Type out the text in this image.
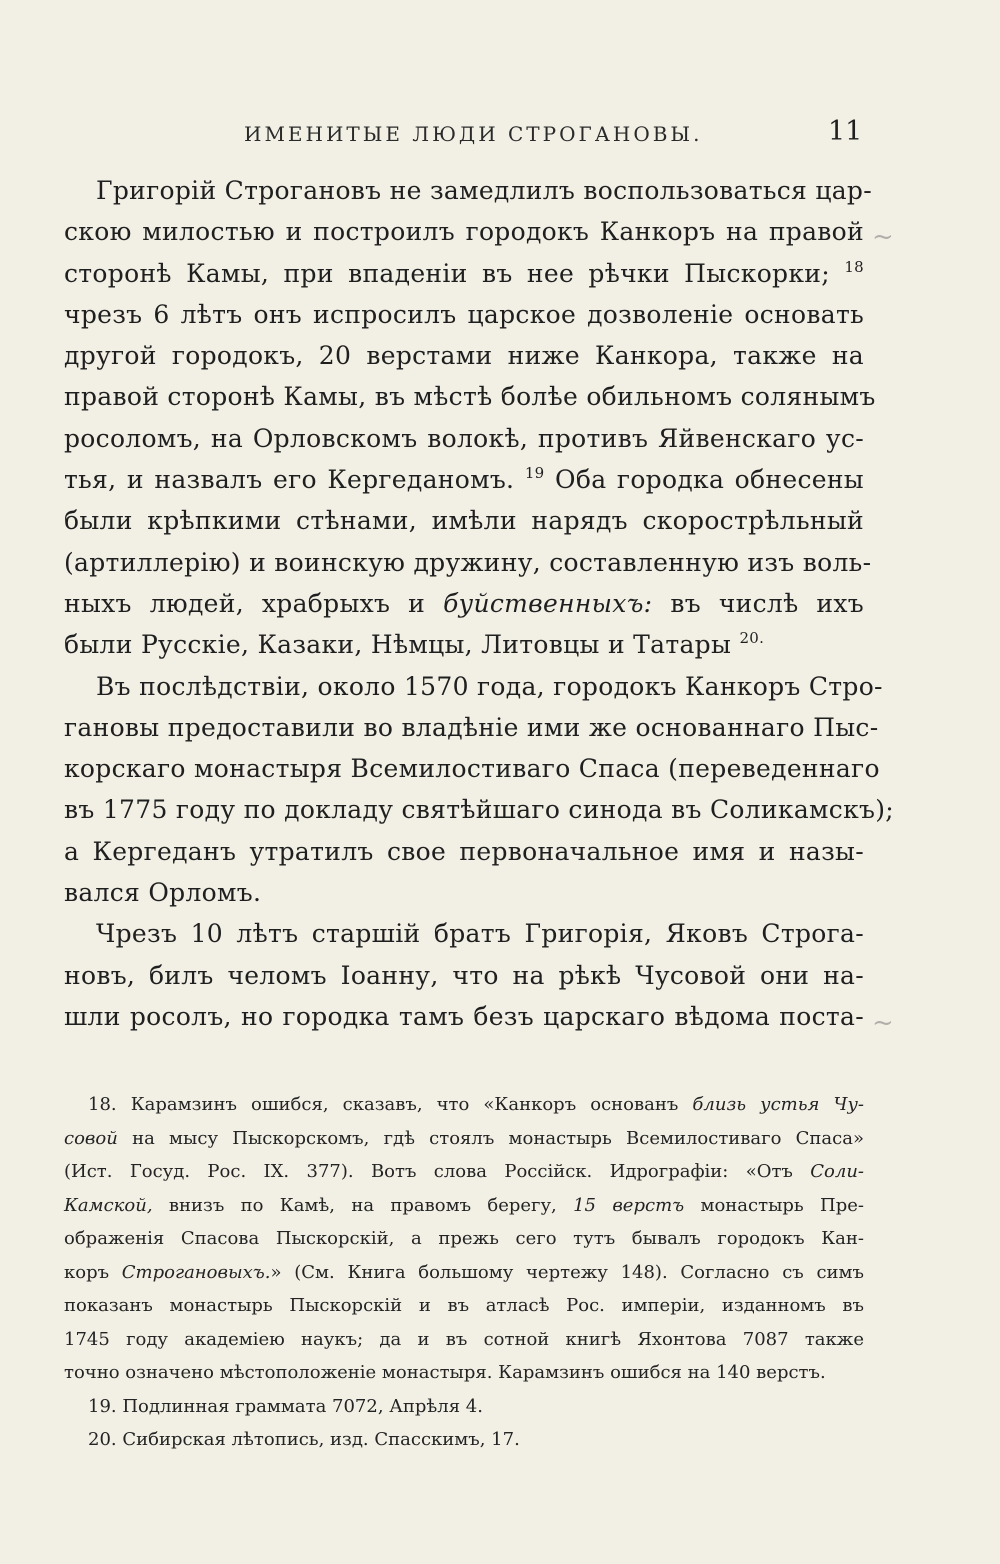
ИМЕНИТЫЕ ЛЮДИ СТРОГАНОВЫ.	11
~
~
Григорій Строгановъ не замедлилъ воспользоваться цар-
скою милостью и построилъ городокъ Канкоръ на правой
сторонѣ Камы, при впаденіи въ нее рѣчки Пыскорки; $^{18}$
чрезъ 6 лѣтъ онъ испросилъ царское дозволеніе основать
другой городокъ, 20 верстами ниже Канкора, также на
правой сторонѣ Камы, въ мѣстѣ болѣе обильномъ солянымъ
росоломъ, на Орловскомъ волокѣ, противъ Яйвенскаго ус-
тья, и назвалъ его Кергеданомъ. $^{19}$ Оба городка обнесены
были крѣпкими стѣнами, имѣли нарядъ скорострѣльный
(артиллерію) и воинскую дружину, составленную изъ воль-
ныхъ людей, храбрыхъ и буйственныхъ: въ числѣ ихъ
были Русскіе, Казаки, Нѣмцы, Литовцы и Татары $^{20.}$
Въ послѣдствіи, около 1570 года, городокъ Канкоръ Стро-
гановы предоставили во владѣніе ими же основаннаго Пыс-
корскаго монастыря Всемилостиваго Спаса (переведеннаго
въ 1775 году по докладу святѣйшаго синода въ Соликамскъ);
а Кергеданъ утратилъ свое первоначальное имя и назы-
вался Орломъ.
Чрезъ 10 лѣтъ старшій братъ Григорія, Яковъ Строга-
новъ, билъ челомъ Іоанну, что на рѣкѣ Чусовой они на-
шли росолъ, но городка тамъ безъ царскаго вѣдома поста-
18. Карамзинъ ошибся, сказавъ, что «Канкоръ основанъ близь устья Чу-
совой на мысу Пыскорскомъ, гдѣ стоялъ монастырь Всемилостиваго Спаса»
(Ист. Госуд. Рос. IX. 377). Вотъ слова Россійск. Идрографіи: «Отъ Соли-
Камской, внизъ по Камѣ, на правомъ берегу, 15 верстъ монастырь Пре-
ображенія Спасова Пыскорскій, а прежь сего тутъ бывалъ городокъ Кан-
коръ Строгановыхъ.» (См. Книга большому чертежу 148). Согласно съ симъ
показанъ монастырь Пыскорскій и въ атласѣ Рос. имперіи, изданномъ въ
1745 году академіею наукъ; да и въ сотной книгѣ Яхонтова 7087 также
точно означено мѣстоположеніе монастыря. Карамзинъ ошибся на 140 верстъ.
19. Подлинная граммата 7072, Апрѣля 4.
20. Сибирская лѣтопись, изд. Спасскимъ, 17.
